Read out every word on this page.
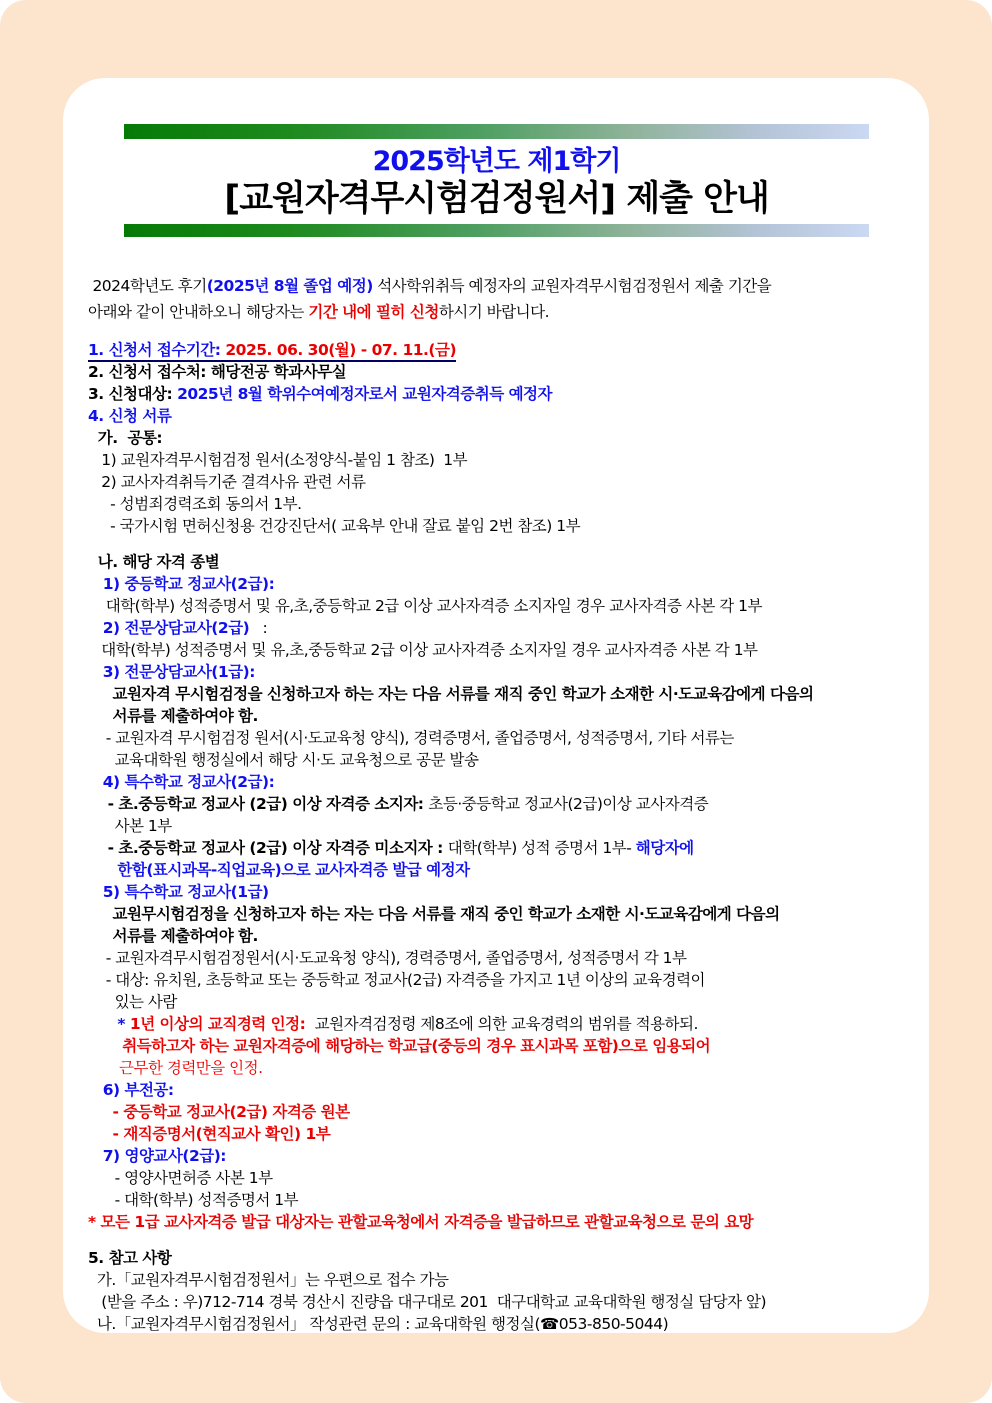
2025학년도 제1학기
[교원자격무시험검정원서] 제출 안내
2024학년도 후기(2025년 8월 졸업 예정) 석사학위취득 예정자의 교원자격무시험검정원서 제출 기간을
아래와 같이 안내하오니 해당자는 기간 내에 필히 신청하시기 바랍니다.
1. 신청서 접수기간: 2025. 06. 30(월) - 07. 11.(금)
2. 신청서 접수처: 해당전공 학과사무실
3. 신청대상: 2025년 8월 학위수여예정자로서 교원자격증취득 예정자
4. 신청 서류
가.  공통:
1) 교원자격무시험검정 원서(소정양식-붙임 1 참조)  1부
2) 교사자격취득기준 결격사유 관련 서류
- 성범죄경력조회 동의서 1부.
- 국가시험 면허신청용 건강진단서( 교육부 안내 잘료 붙임 2번 참조) 1부
나. 해당 자격 종별
1) 중등학교 정교사(2급):
대학(학부) 성적증명서 및 유,초,중등학교 2급 이상 교사자격증 소지자일 경우 교사자격증 사본 각 1부
2) 전문상담교사(2급)   :
대학(학부) 성적증명서 및 유,초,중등학교 2급 이상 교사자격증 소지자일 경우 교사자격증 사본 각 1부
3) 전문상담교사(1급):
교원자격 무시험검정을 신청하고자 하는 자는 다음 서류를 재직 중인 학교가 소재한 시·도교육감에게 다음의
서류를 제출하여야 함.
- 교원자격 무시험검정 원서(시·도교육청 양식), 경력증명서, 졸업증명서, 성적증명서, 기타 서류는
교육대학원 행정실에서 해당 시·도 교육청으로 공문 발송
4) 특수학교 정교사(2급):
- 초.중등학교 정교사 (2급) 이상 자격증 소지자: 초등·중등학교 정교사(2급)이상 교사자격증
사본 1부
- 초.중등학교 정교사 (2급) 이상 자격증 미소지자 : 대학(학부) 성적 증명서 1부- 해당자에
한함(표시과목-직업교육)으로 교사자격증 발급 예정자
5) 특수학교 정교사(1급)
교원무시험검정을 신청하고자 하는 자는 다음 서류를 재직 중인 학교가 소재한 시·도교육감에게 다음의
서류를 제출하여야 함.
- 교원자격무시험검정원서(시·도교육청 양식), 경력증명서, 졸업증명서, 성적증명서 각 1부
- 대상: 유치원, 초등학교 또는 중등학교 정교사(2급) 자격증을 가지고 1년 이상의 교육경력이
있는 사람
* 1년 이상의 교직경력 인정:  교원자격검정령 제8조에 의한 교육경력의 범위를 적용하되.
취득하고자 하는 교원자격증에 해당하는 학교급(중등의 경우 표시과목 포함)으로 임용되어
근무한 경력만을 인정.
6) 부전공:
- 중등학교 정교사(2급) 자격증 원본
- 재직증명서(현직교사 확인) 1부
7) 영양교사(2급):
- 영양사면허증 사본 1부
- 대학(학부) 성적증명서 1부
* 모든 1급 교사자격증 발급 대상자는 관할교육청에서 자격증을 발급하므로 관할교육청으로 문의 요망
5. 참고 사항
가.「교원자격무시험검정원서」는 우편으로 접수 가능
(받을 주소 : 우)712-714 경북 경산시 진량읍 대구대로 201  대구대학교 교육대학원 행정실 담당자 앞)
나.「교원자격무시험검정원서」 작성관련 문의 : 교육대학원 행정실(☎053-850-5044)
